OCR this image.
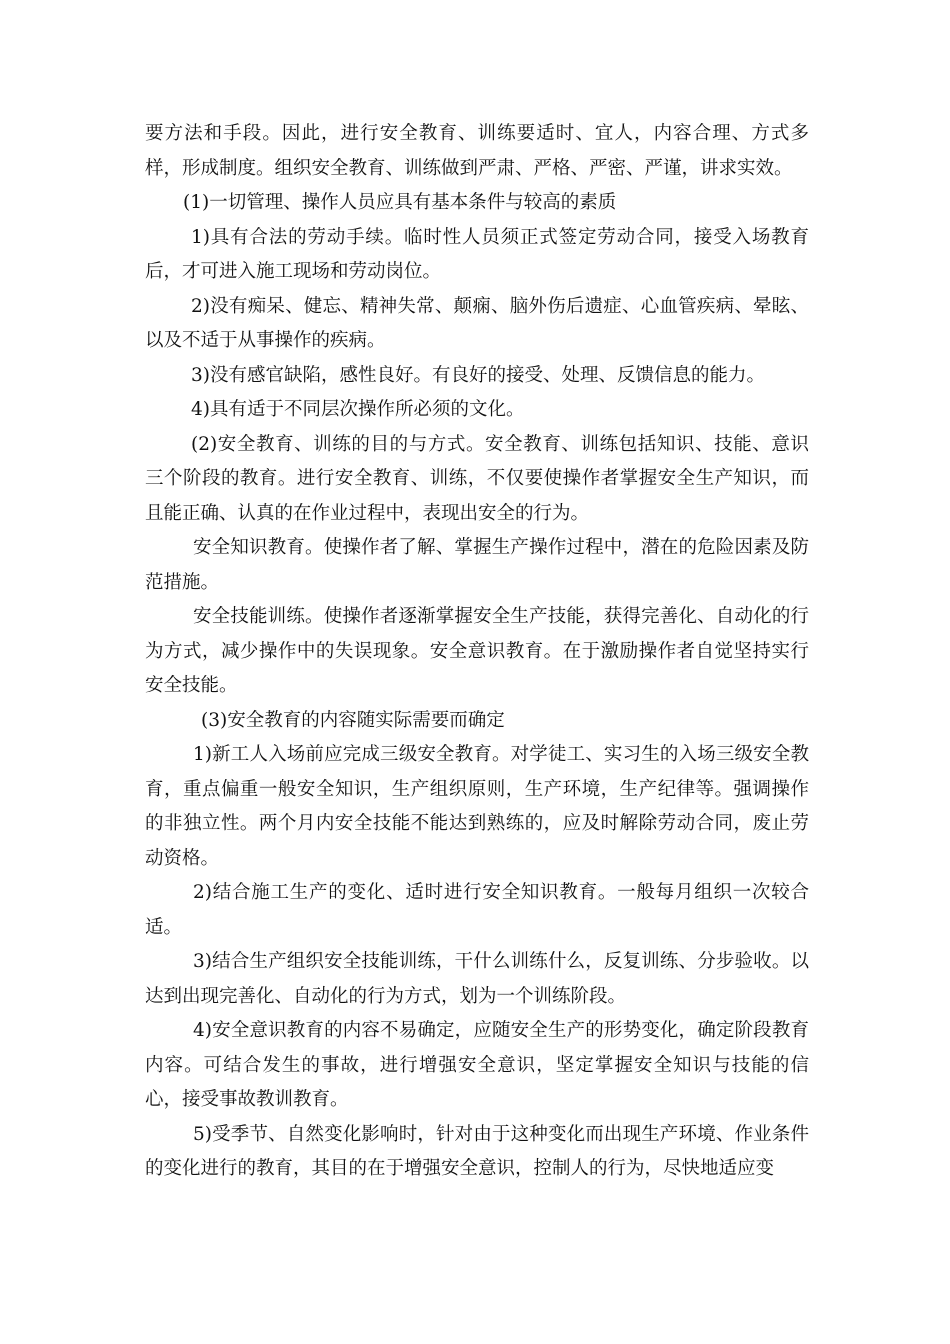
要方法和手段。因此，进行安全教育、训练要适时、宜人，内容合理、方式多样，形成制度。组织安全教育、训练做到严肃、严格、严密、严谨，讲求实效。

(1)一切管理、操作人员应具有基本条件与较高的素质

1)具有合法的劳动手续。临时性人员须正式签定劳动合同，接受入场教育后，才可进入施工现场和劳动岗位。

2)没有痴呆、健忘、精神失常、颠痫、脑外伤后遗症、心血管疾病、晕眩、以及不适于从事操作的疾病。

3)没有感官缺陷，感性良好。有良好的接受、处理、反馈信息的能力。

4)具有适于不同层次操作所必须的文化。

(2)安全教育、训练的目的与方式。安全教育、训练包括知识、技能、意识三个阶段的教育。进行安全教育、训练，不仅要使操作者掌握安全生产知识，而且能正确、认真的在作业过程中，表现出安全的行为。

安全知识教育。使操作者了解、掌握生产操作过程中，潜在的危险因素及防范措施。

安全技能训练。使操作者逐渐掌握安全生产技能，获得完善化、自动化的行为方式，减少操作中的失误现象。安全意识教育。在于激励操作者自觉坚持实行安全技能。

(3)安全教育的内容随实际需要而确定

1)新工人入场前应完成三级安全教育。对学徒工、实习生的入场三级安全教育，重点偏重一般安全知识，生产组织原则，生产环境，生产纪律等。强调操作的非独立性。两个月内安全技能不能达到熟练的，应及时解除劳动合同，废止劳动资格。

2)结合施工生产的变化、适时进行安全知识教育。一般每月组织一次较合适。

3)结合生产组织安全技能训练，干什么训练什么，反复训练、分步验收。以达到出现完善化、自动化的行为方式，划为一个训练阶段。

4)安全意识教育的内容不易确定，应随安全生产的形势变化，确定阶段教育内容。可结合发生的事故，进行增强安全意识，坚定掌握安全知识与技能的信心，接受事故教训教育。

5)受季节、自然变化影响时，针对由于这种变化而出现生产环境、作业条件的变化进行的教育，其目的在于增强安全意识，控制人的行为，尽快地适应变
